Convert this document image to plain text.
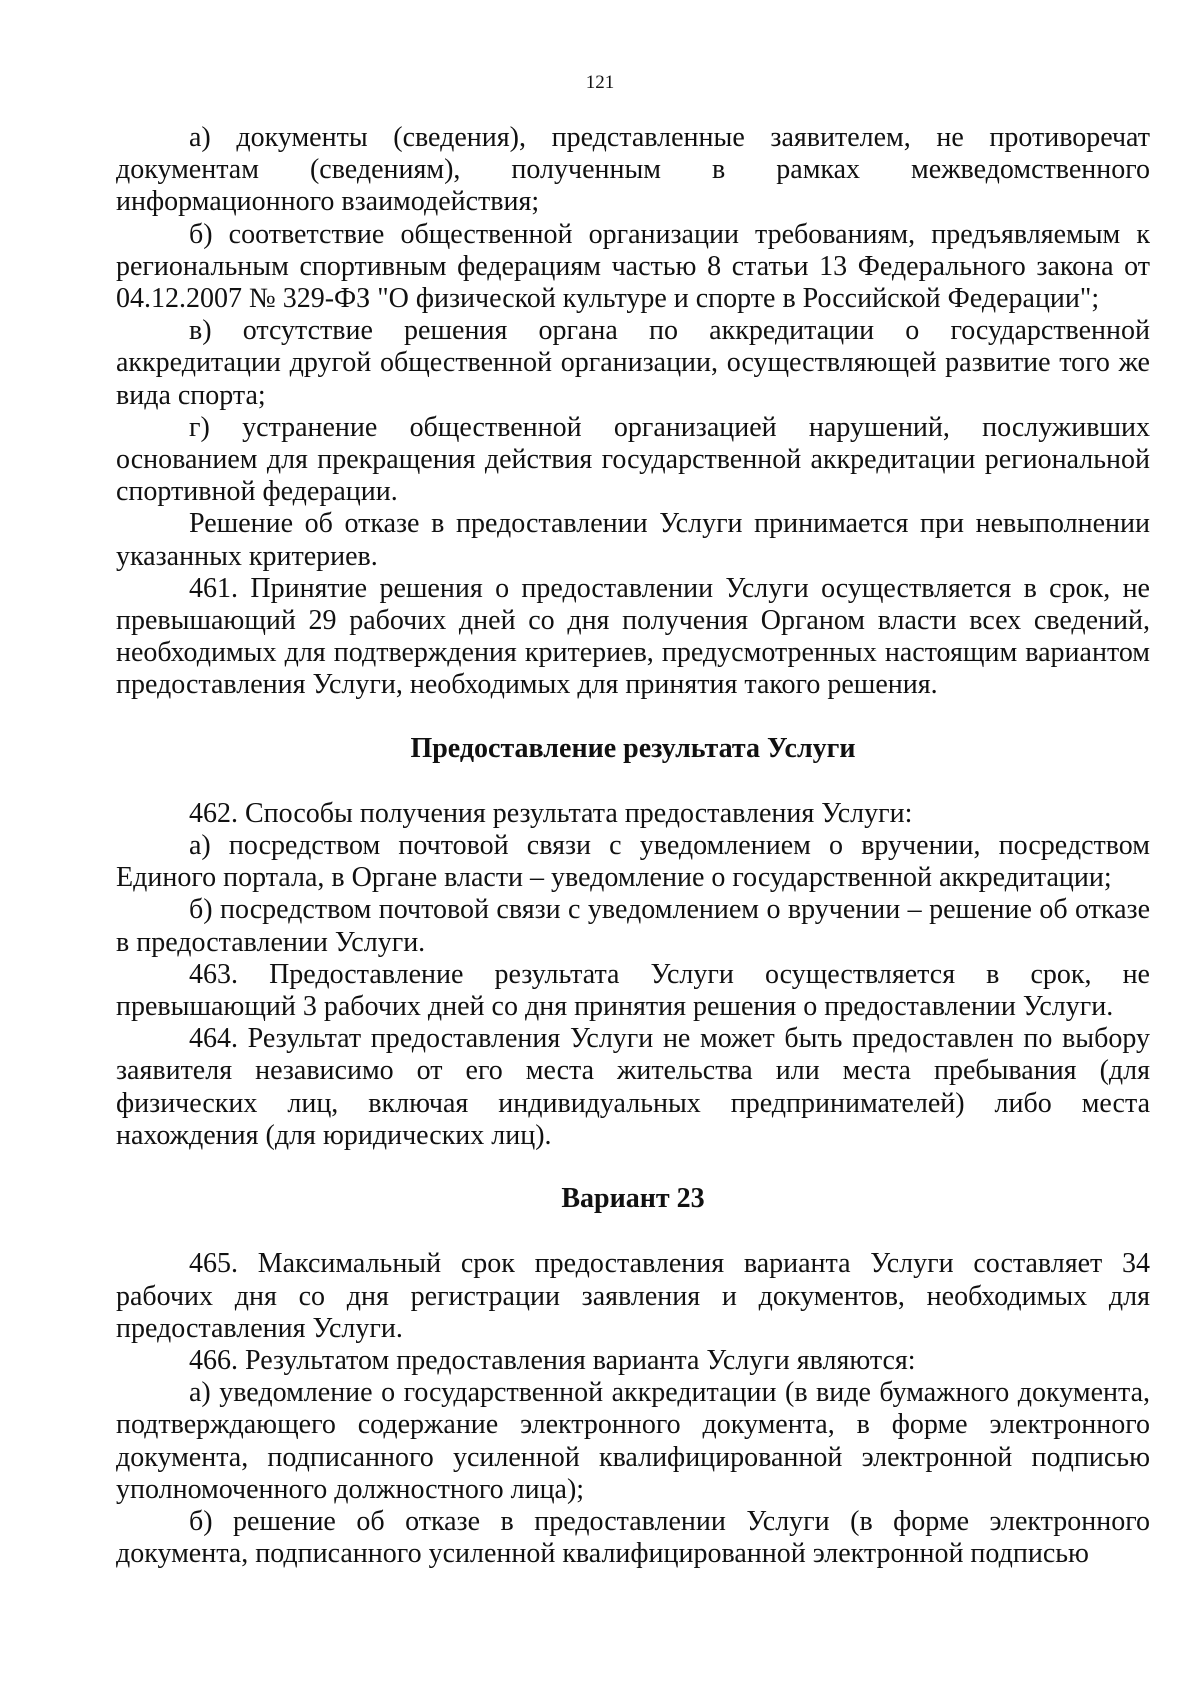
121

а) документы (сведения), представленные заявителем, не противоречат документам (сведениям), полученным в рамках межведомственного информационного взаимодействия;

б) соответствие общественной организации требованиям, предъявляемым к региональным спортивным федерациям частью 8 статьи 13 Федерального закона от 04.12.2007 № 329-ФЗ "О физической культуре и спорте в Российской Федерации";

в) отсутствие решения органа по аккредитации о государственной аккредитации другой общественной организации, осуществляющей развитие того же вида спорта;

г) устранение общественной организацией нарушений, послуживших основанием для прекращения действия государственной аккредитации региональной спортивной федерации.

Решение об отказе в предоставлении Услуги принимается при невыполнении указанных критериев.

461. Принятие решения о предоставлении Услуги осуществляется в срок, не превышающий 29 рабочих дней со дня получения Органом власти всех сведений, необходимых для подтверждения критериев, предусмотренных настоящим вариантом предоставления Услуги, необходимых для принятия такого решения.

Предоставление результата Услуги

462. Способы получения результата предоставления Услуги:

а) посредством почтовой связи с уведомлением о вручении, посредством Единого портала, в Органе власти – уведомление о государственной аккредитации;

б) посредством почтовой связи с уведомлением о вручении – решение об отказе в предоставлении Услуги.

463. Предоставление результата Услуги осуществляется в срок, не превышающий 3 рабочих дней со дня принятия решения о предоставлении Услуги.

464. Результат предоставления Услуги не может быть предоставлен по выбору заявителя независимо от его места жительства или места пребывания (для физических лиц, включая индивидуальных предпринимателей) либо места нахождения (для юридических лиц).

Вариант 23

465. Максимальный срок предоставления варианта Услуги составляет 34 рабочих дня со дня регистрации заявления и документов, необходимых для предоставления Услуги.

466. Результатом предоставления варианта Услуги являются:

а) уведомление о государственной аккредитации (в виде бумажного документа, подтверждающего содержание электронного документа, в форме электронного документа, подписанного усиленной квалифицированной электронной подписью уполномоченного должностного лица);

б) решение об отказе в предоставлении Услуги (в форме электронного документа, подписанного усиленной квалифицированной электронной подписью
